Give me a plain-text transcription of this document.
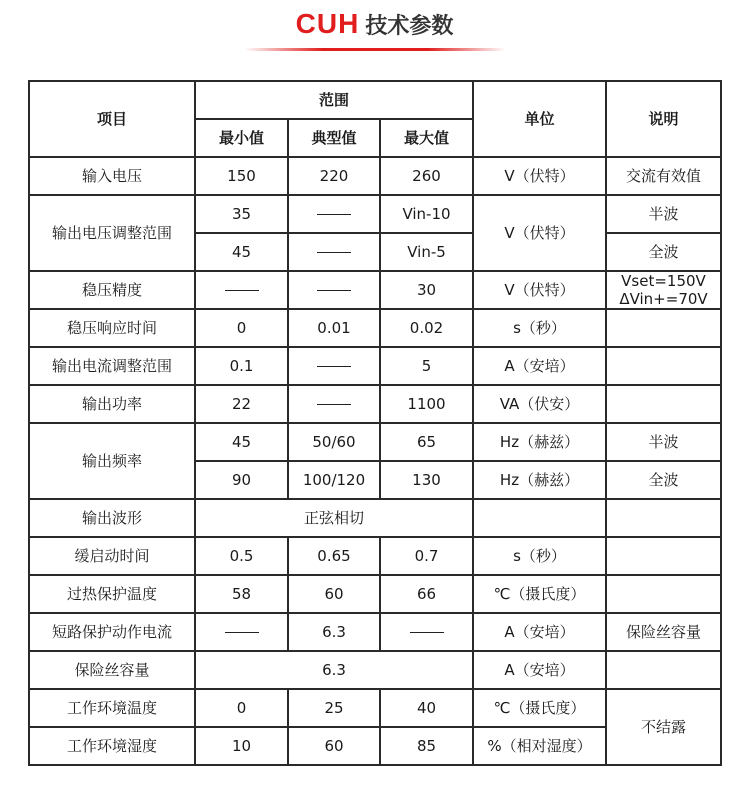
CUH 技术参数
项目	范围			单位	说明
	最小值	典型值	最大值		
输入电压	150	220	260	V（伏特）	交流有效值
输出电压调整范围	35		Vin-10	V（伏特）	半波
	45		Vin-5		全波
稳压精度			30	V（伏特）	Vset=150V
ΔVin+=70V

稳压响应时间	0	0.01	0.02	s（秒）	
输出电流调整范围	0.1		5	A（安培）	
输出功率	22		1100	VA（伏安）	
输出频率	45	50/60	65	Hz（赫兹）	半波
	90	100/120	130	Hz（赫兹）	全波
输出波形	正弦相切				
缓启动时间	0.5	0.65	0.7	s（秒）	
过热保护温度	58	60	66	℃（摄氏度）	
短路保护动作电流		6.3		A（安培）	保险丝容量
保险丝容量	6.3			A（安培）	
工作环境温度	0	25	40	℃（摄氏度）	不结露
工作环境湿度	10	60	85	%（相对湿度）	
